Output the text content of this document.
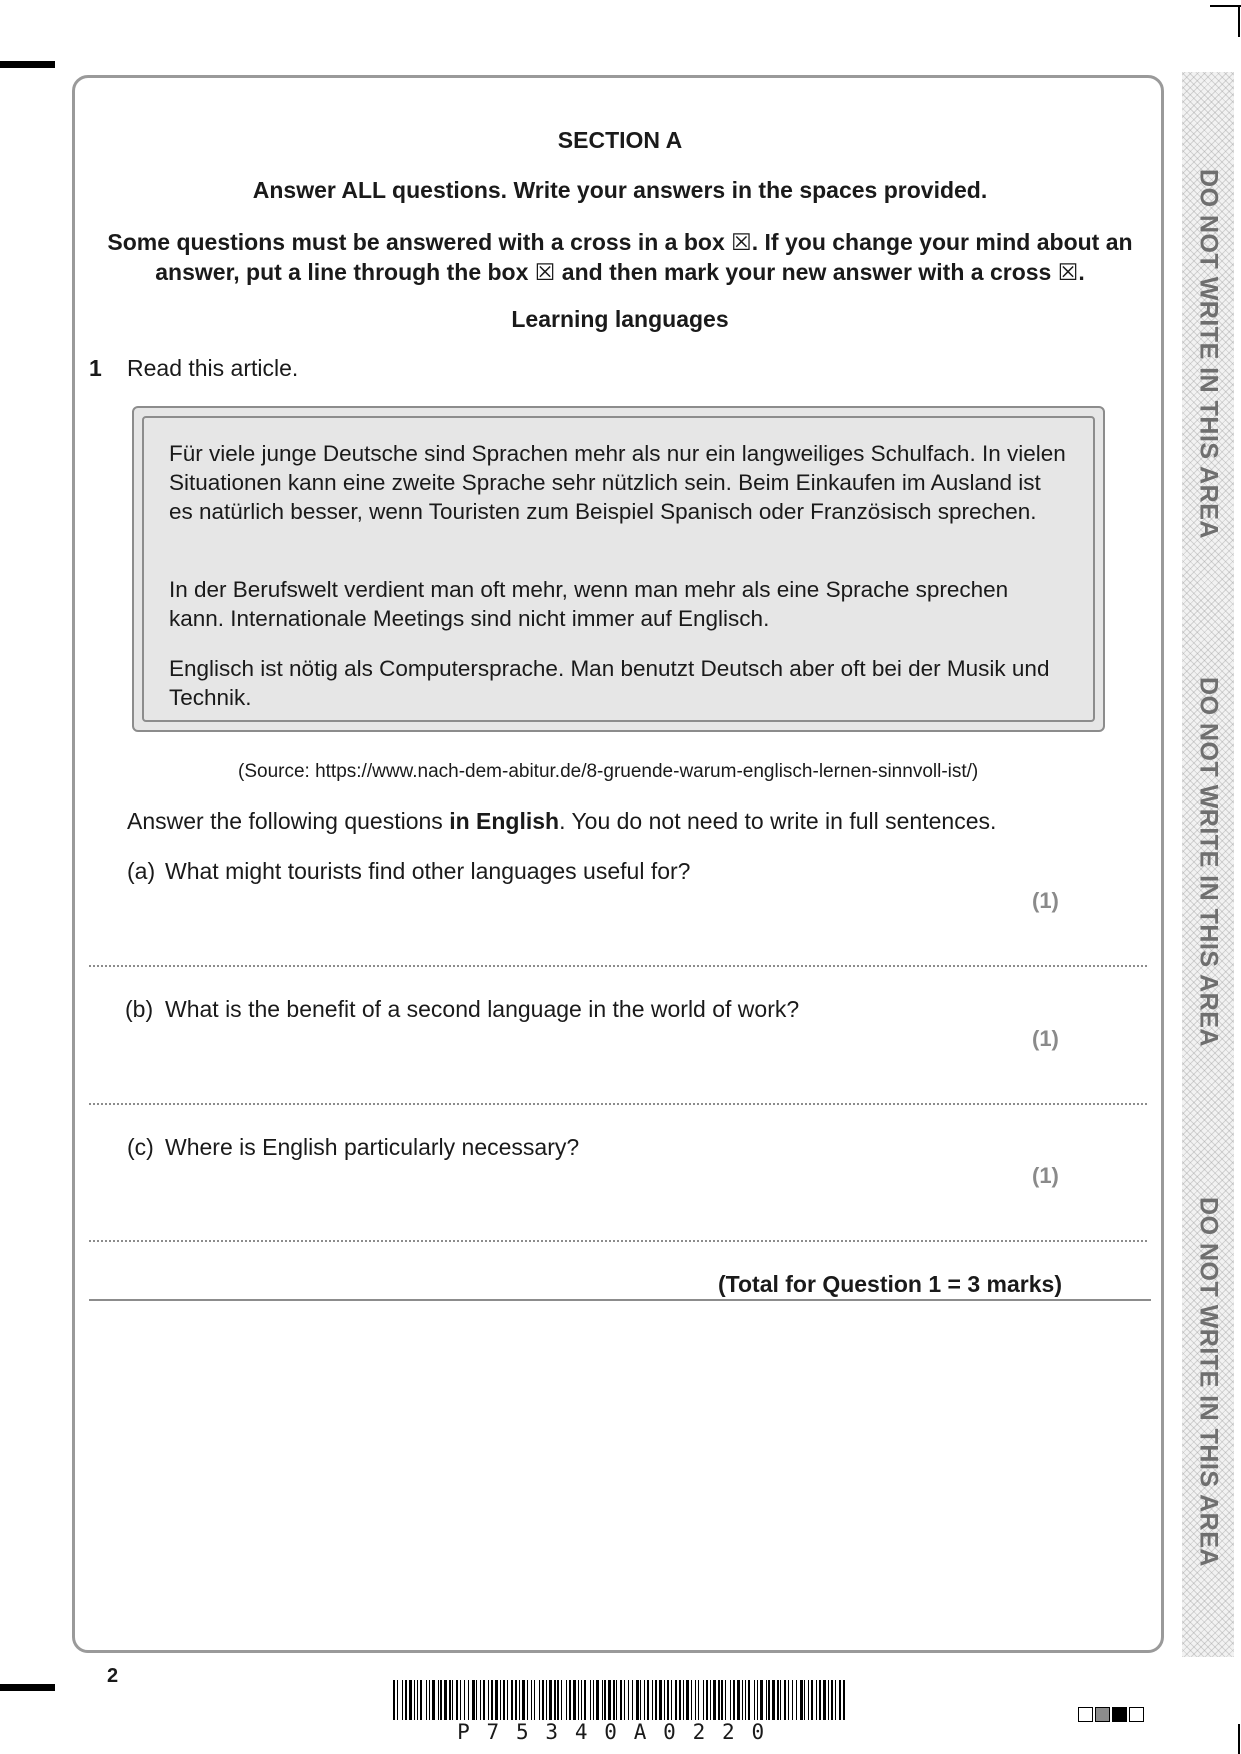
DO NOT WRITE IN THIS AREA
DO NOT WRITE IN THIS AREA
DO NOT WRITE IN THIS AREA
SECTION A
Answer ALL questions. Write your answers in the spaces provided.
Some questions must be answered with a cross in a box ☒. If you change your mind about an
answer, put a line through the box ☒ and then mark your new answer with a cross ☒.
Learning languages
1 Read this article.
Für viele junge Deutsche sind Sprachen mehr als nur ein langweiliges Schulfach. In vielen Situationen kann eine zweite Sprache sehr nützlich sein. Beim Einkaufen im Ausland ist es natürlich besser, wenn Touristen zum Beispiel Spanisch oder Französisch sprechen.
In der Berufswelt verdient man oft mehr, wenn man mehr als eine Sprache sprechen kann. Internationale Meetings sind nicht immer auf Englisch.
Englisch ist nötig als Computersprache. Man benutzt Deutsch aber oft bei der Musik und Technik.
(Source: https://www.nach-dem-abitur.de/8-gruende-warum-englisch-lernen-sinnvoll-ist/)
Answer the following questions in English. You do not need to write in full sentences.
(a) What might tourists find other languages useful for?
(1)
(b) What is the benefit of a second language in the world of work?
(1)
(c) Where is English particularly necessary?
(1)
(Total for Question 1 = 3 marks)
2
P75340A0220
